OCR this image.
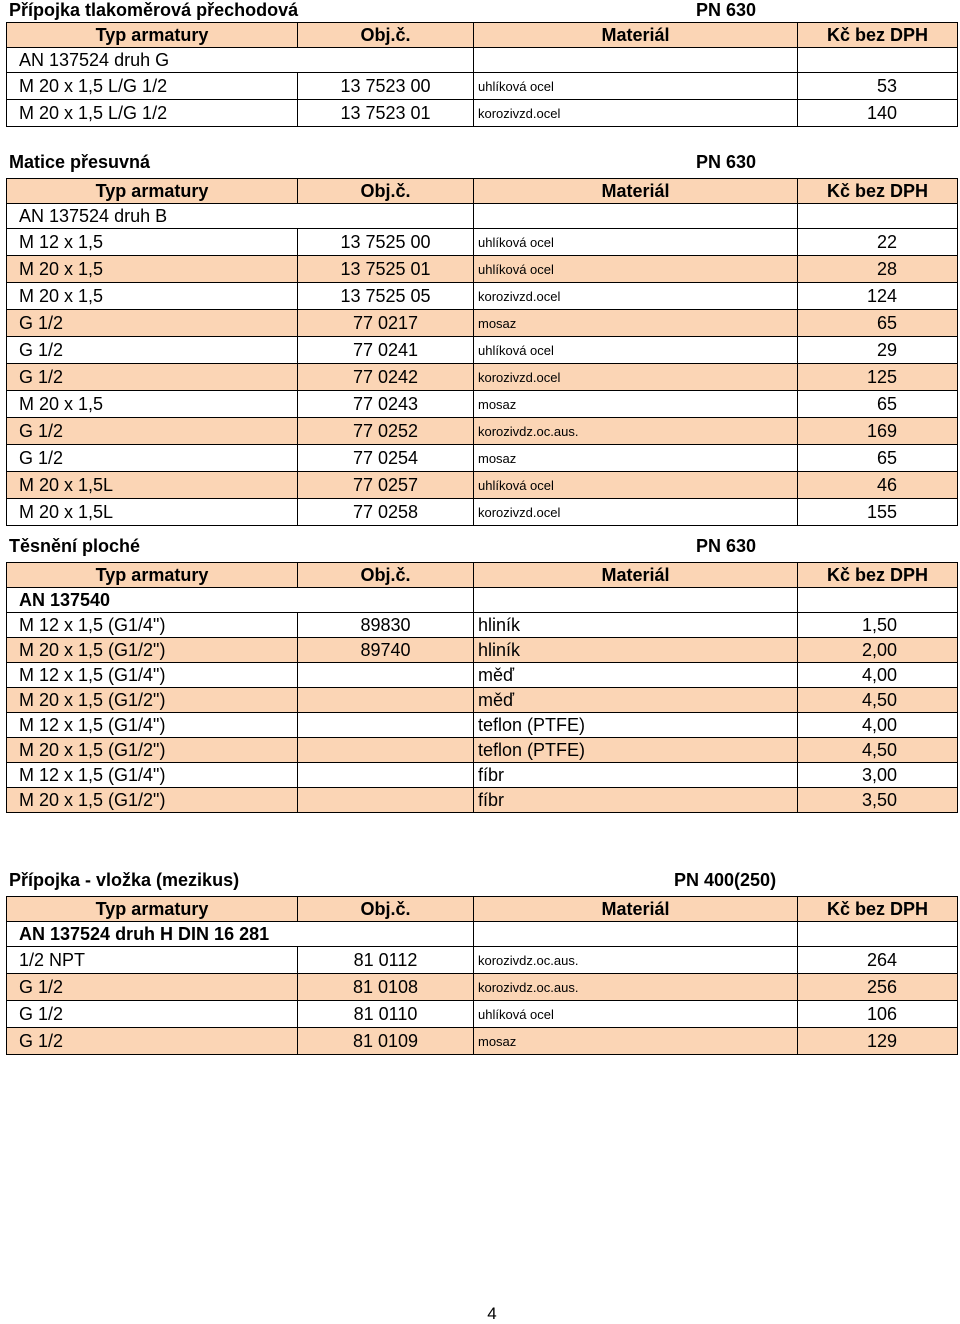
Přípojka tlakoměrová přechodová	PN 630
Typ armatury	Obj.č.	Materiál	Kč bez DPH
AN 137524 druh G			
M 20 x 1,5 L/G 1/2	13 7523 00	uhlíková ocel	53
M 20 x 1,5 L/G 1/2	13 7523 01	korozivzd.ocel	140
Matice přesuvná	PN 630
Typ armatury	Obj.č.	Materiál	Kč bez DPH
AN 137524 druh B			
M 12 x 1,5	13 7525 00	uhlíková ocel	22
M 20 x 1,5	13 7525 01	uhlíková ocel	28
M 20 x 1,5	13 7525 05	korozivzd.ocel	124
G 1/2	77 0217	mosaz	65
G 1/2	77 0241	uhlíková ocel	29
G 1/2	77 0242	korozivzd.ocel	125
M 20 x 1,5	77 0243	mosaz	65
G 1/2	77 0252	korozivdz.oc.aus.	169
G 1/2	77 0254	mosaz	65
M 20 x 1,5L	77 0257	uhlíková ocel	46
M 20 x 1,5L	77 0258	korozivzd.ocel	155
Těsnění ploché	PN 630
Typ armatury	Obj.č.	Materiál	Kč bez DPH
AN 137540			
M 12 x 1,5 (G1/4")	89830	hliník	1,50
M 20 x 1,5 (G1/2")	89740	hliník	2,00
M 12 x 1,5 (G1/4")		měď	4,00
M 20 x 1,5 (G1/2")		měď	4,50
M 12 x 1,5 (G1/4")		teflon (PTFE)	4,00
M 20 x 1,5 (G1/2")		teflon (PTFE)	4,50
M 12 x 1,5 (G1/4")		fíbr	3,00
M 20 x 1,5 (G1/2")		fíbr	3,50
Přípojka - vložka (mezikus)	PN 400(250)
Typ armatury	Obj.č.	Materiál	Kč bez DPH
AN 137524 druh H DIN 16 281			
1/2 NPT	81 0112	korozivdz.oc.aus.	264
G 1/2	81 0108	korozivdz.oc.aus.	256
G 1/2	81 0110	uhlíková ocel	106
G 1/2	81 0109	mosaz	129
4
